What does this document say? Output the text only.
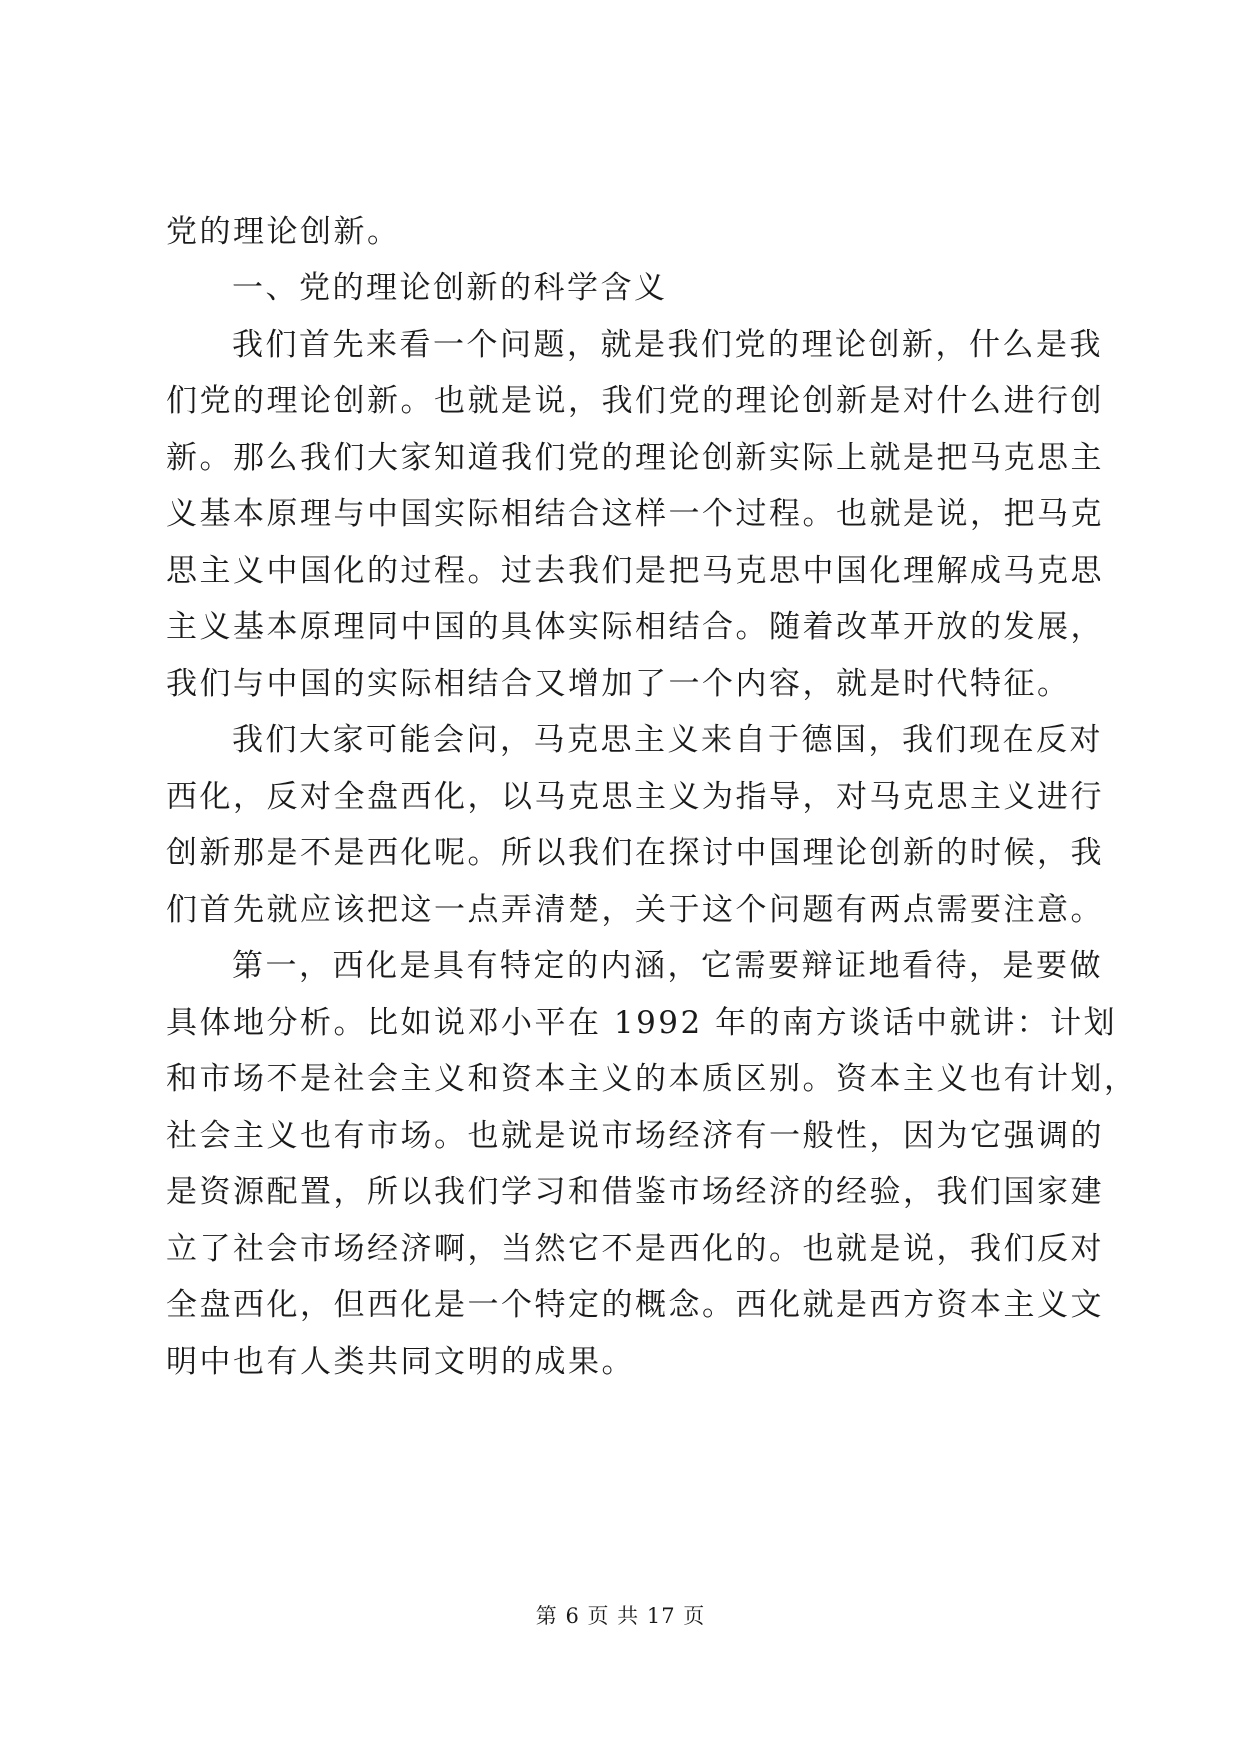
党的理论创新。
一、党的理论创新的科学含义
我们首先来看一个问题，就是我们党的理论创新，什么是我
们党的理论创新。也就是说，我们党的理论创新是对什么进行创
新。那么我们大家知道我们党的理论创新实际上就是把马克思主
义基本原理与中国实际相结合这样一个过程。也就是说，把马克
思主义中国化的过程。过去我们是把马克思中国化理解成马克思
主义基本原理同中国的具体实际相结合。随着改革开放的发展，
我们与中国的实际相结合又增加了一个内容，就是时代特征。
我们大家可能会问，马克思主义来自于德国，我们现在反对
西化，反对全盘西化，以马克思主义为指导，对马克思主义进行
创新那是不是西化呢。所以我们在探讨中国理论创新的时候，我
们首先就应该把这一点弄清楚，关于这个问题有两点需要注意。
第一，西化是具有特定的内涵，它需要辩证地看待，是要做
具体地分析。比如说邓小平在 1992 年的南方谈话中就讲：计划
和市场不是社会主义和资本主义的本质区别。资本主义也有计划，
社会主义也有市场。也就是说市场经济有一般性，因为它强调的
是资源配置，所以我们学习和借鉴市场经济的经验，我们国家建
立了社会市场经济啊，当然它不是西化的。也就是说，我们反对
全盘西化，但西化是一个特定的概念。西化就是西方资本主义文
明中也有人类共同文明的成果。
第 6 页 共 17 页
